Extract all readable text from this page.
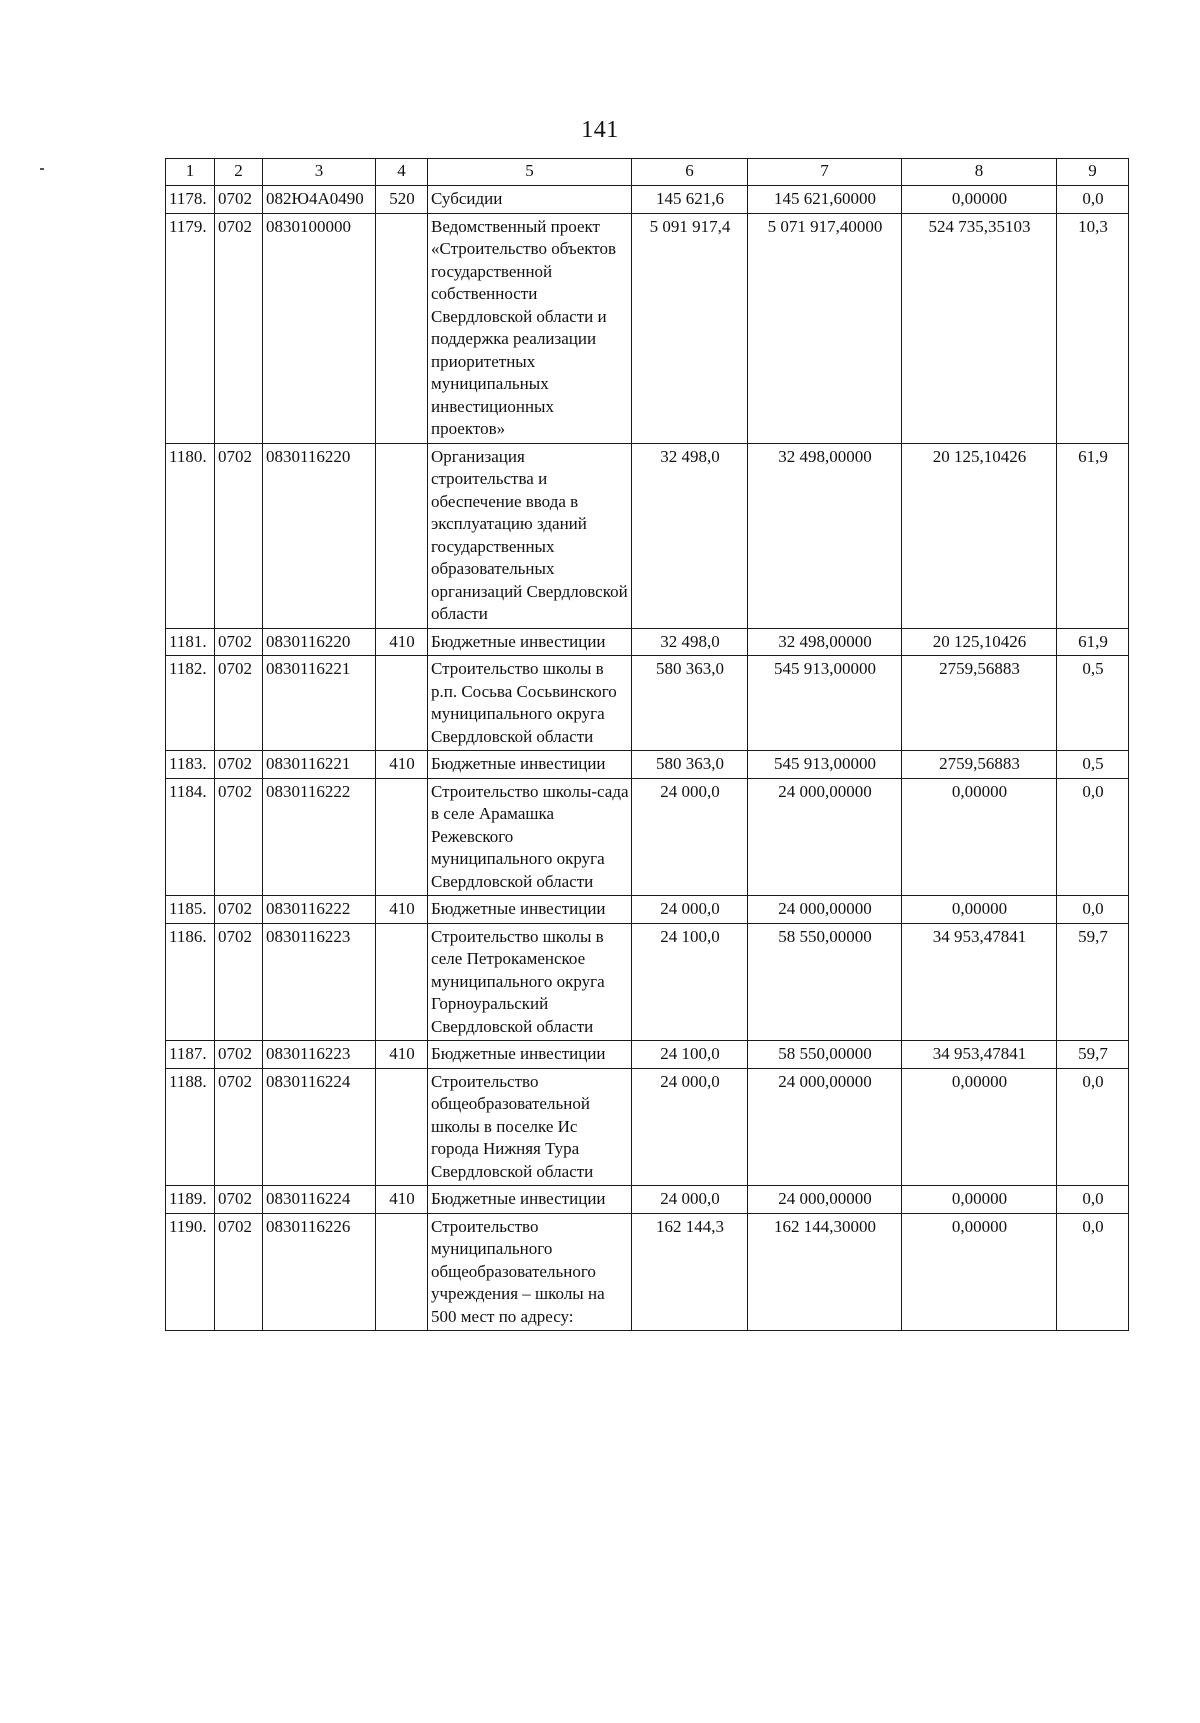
141
1	2	3	4	5	6	7	8	9
1178.	0702	082Ю4А0490	520	Субсидии	145 621,6	145 621,60000	0,00000	0,0
1179.	0702	0830100000		Ведомственный проект «Строительство объектов государственной собственности Свердловской области и поддержка реализации приоритетных муниципальных инвестиционных проектов»	5 091 917,4	5 071 917,40000	524 735,35103	10,3
1180.	0702	0830116220		Организация строительства и обеспечение ввода в эксплуатацию зданий государственных образовательных организаций Свердловской области	32 498,0	32 498,00000	20 125,10426	61,9
1181.	0702	0830116220	410	Бюджетные инвестиции	32 498,0	32 498,00000	20 125,10426	61,9
1182.	0702	0830116221		Строительство школы в р.п. Сосьва Сосьвинского муниципального округа Свердловской области	580 363,0	545 913,00000	2759,56883	0,5
1183.	0702	0830116221	410	Бюджетные инвестиции	580 363,0	545 913,00000	2759,56883	0,5
1184.	0702	0830116222		Строительство школы-сада в селе Арамашка Режевского муниципального округа Свердловской области	24 000,0	24 000,00000	0,00000	0,0
1185.	0702	0830116222	410	Бюджетные инвестиции	24 000,0	24 000,00000	0,00000	0,0
1186.	0702	0830116223		Строительство школы в селе Петрокаменское муниципального округа Горноуральский Свердловской области	24 100,0	58 550,00000	34 953,47841	59,7
1187.	0702	0830116223	410	Бюджетные инвестиции	24 100,0	58 550,00000	34 953,47841	59,7
1188.	0702	0830116224		Строительство общеобразовательной школы в поселке Ис города Нижняя Тура Свердловской области	24 000,0	24 000,00000	0,00000	0,0
1189.	0702	0830116224	410	Бюджетные инвестиции	24 000,0	24 000,00000	0,00000	0,0
1190.	0702	0830116226		Строительство муниципального общеобразовательного учреждения – школы на 500 мест по адресу:	162 144,3	162 144,30000	0,00000	0,0
